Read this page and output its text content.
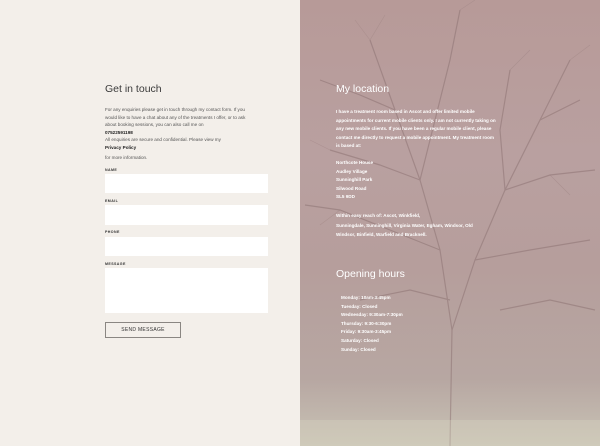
Get in touch
For any enquiries please get in touch through my contact form. If you
would like to have a chat about any of the treatments I offer, or to ask
about booking sessions, you can also call me on
07522591198
All enquiries are secure and confidential. Please view my
Privacy Policy
for more information.
NAME
EMAIL
PHONE
MESSAGE
SEND MESSAGE
My location
I have a treatment room based in Ascot and offer limited mobile
appointments for current mobile clients only. I am not currently taking on
any new mobile clients. If you have been a regular mobile client, please
contact me directly to request a mobile appointment. My treatment room
is based at:
Northcote House
Audley Village
Sunninghill Park
Silwood Road
SL5 9DD
Within easy reach of: Ascot, Winkfield,
Sunningdale, Sunninghill, Virginia Water, Egham, Windsor, Old
Windsor, Binfield, Warfield and Bracknell.
Opening hours
Monday: 10am-3:45pm
Tuesday: Closed
Wednesday: 9:30am-7:30pm
Thursday: 9:30-6:30pm
Friday: 9:30am-3:45pm
Saturday: Closed
Sunday: Closed
